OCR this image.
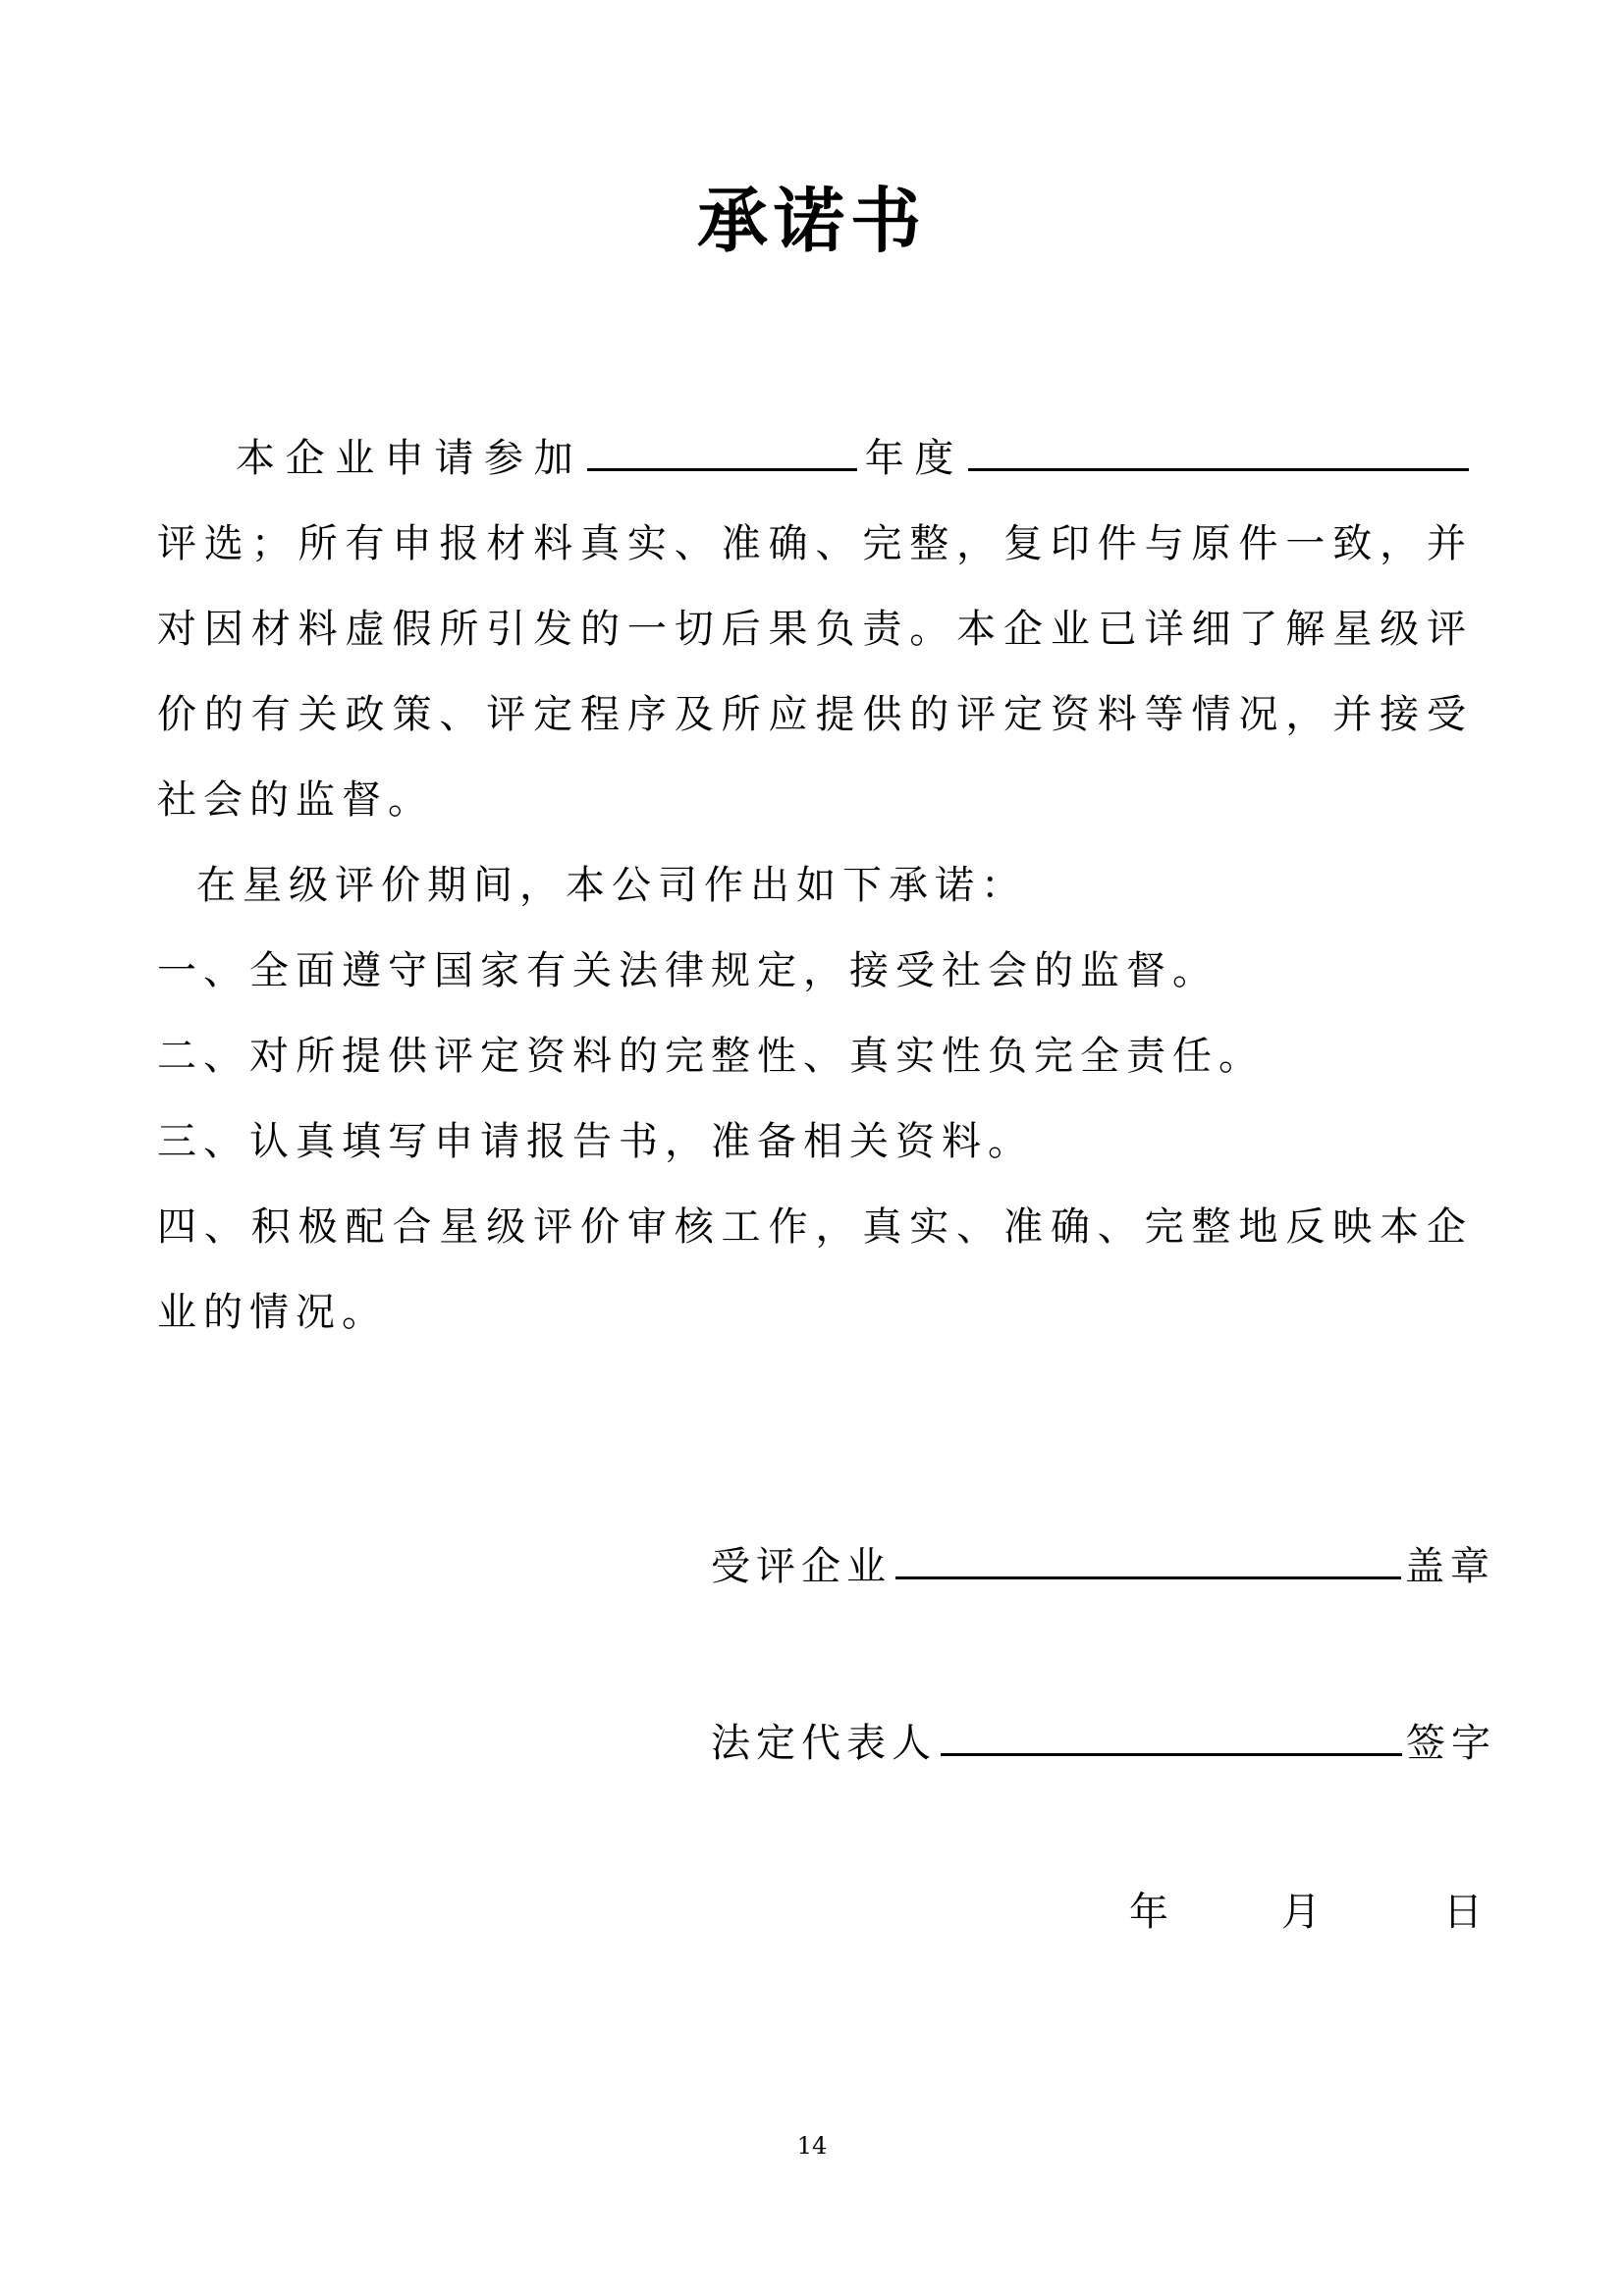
承诺书

本企业申请参加	年度评选；所有申报材料真实、准确、完整，复印件与原件一致，并对因材料虚假所引发的一切后果负责。本企业已详细了解星级评价的有关政策、评定程序及所应提供的评定资料等情况，并接受社会的监督。

在星级评价期间，本公司作出如下承诺：

一、全面遵守国家有关法律规定，接受社会的监督。

二、对所提供评定资料的完整性、真实性负完全责任。

三、认真填写申请报告书，准备相关资料。

四、积极配合星级评价审核工作，真实、准确、完整地反映本企业的情况。

受评企业	盖章
法定代表人	签字
年	月	日
14
